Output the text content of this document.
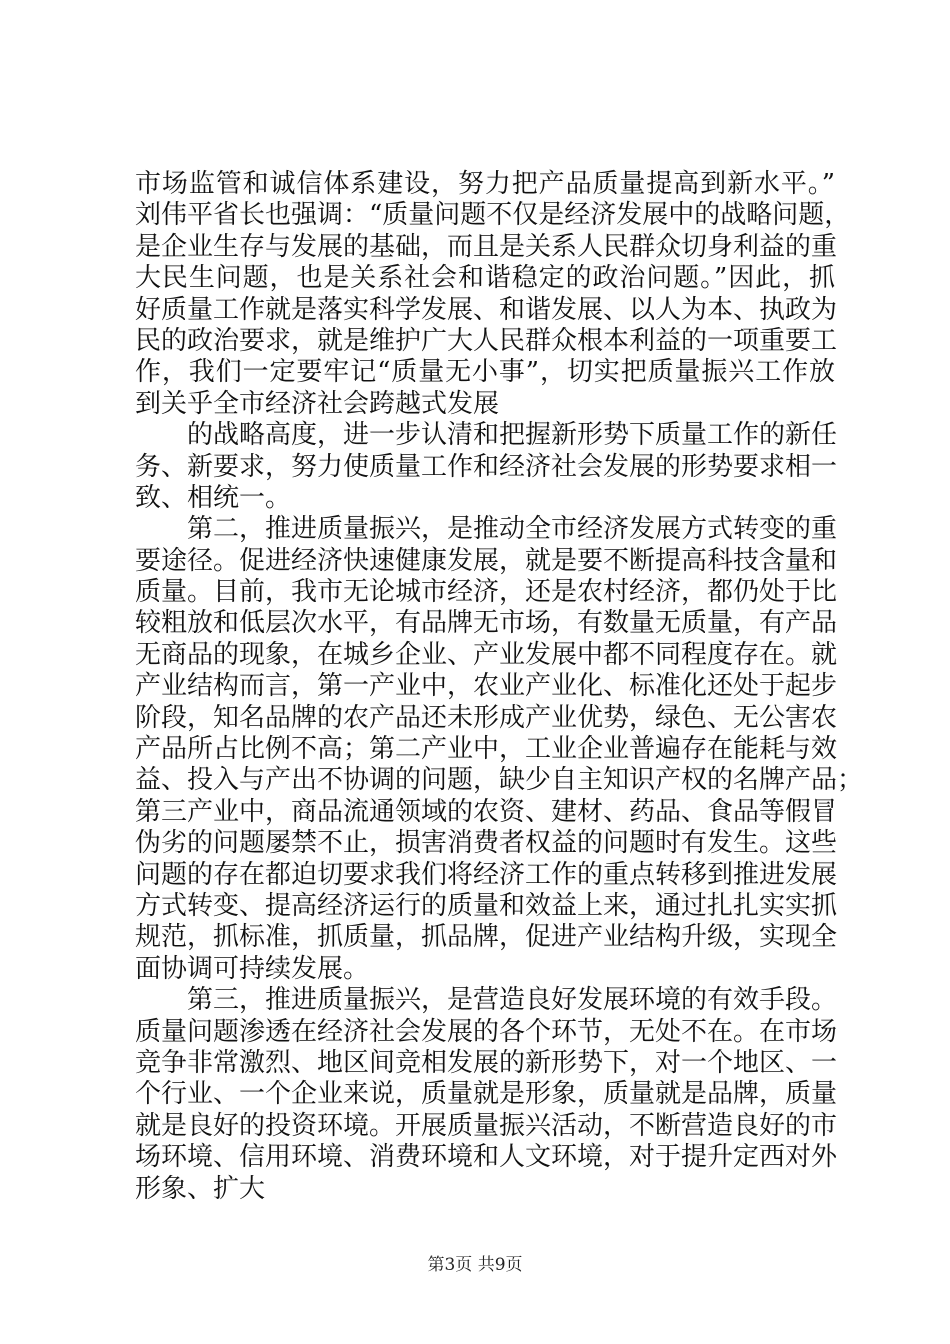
市场监管和诚信体系建设，努力把产品质量提高到新水平。”
刘伟平省长也强调：“质量问题不仅是经济发展中的战略问题，
是企业生存与发展的基础，而且是关系人民群众切身利益的重
大民生问题，也是关系社会和谐稳定的政治问题。”因此，抓
好质量工作就是落实科学发展、和谐发展、以人为本、执政为
民的政治要求，就是维护广大人民群众根本利益的一项重要工
作，我们一定要牢记“质量无小事”，切实把质量振兴工作放
到关乎全市经济社会跨越式发展
的战略高度，进一步认清和把握新形势下质量工作的新任
务、新要求，努力使质量工作和经济社会发展的形势要求相一
致、相统一。
第二，推进质量振兴，是推动全市经济发展方式转变的重
要途径。促进经济快速健康发展，就是要不断提高科技含量和
质量。目前，我市无论城市经济，还是农村经济，都仍处于比
较粗放和低层次水平，有品牌无市场，有数量无质量，有产品
无商品的现象，在城乡企业、产业发展中都不同程度存在。就
产业结构而言，第一产业中，农业产业化、标准化还处于起步
阶段，知名品牌的农产品还未形成产业优势，绿色、无公害农
产品所占比例不高；第二产业中，工业企业普遍存在能耗与效
益、投入与产出不协调的问题，缺少自主知识产权的名牌产品；
第三产业中，商品流通领域的农资、建材、药品、食品等假冒
伪劣的问题屡禁不止，损害消费者权益的问题时有发生。这些
问题的存在都迫切要求我们将经济工作的重点转移到推进发展
方式转变、提高经济运行的质量和效益上来，通过扎扎实实抓
规范，抓标准，抓质量，抓品牌，促进产业结构升级，实现全
面协调可持续发展。
第三，推进质量振兴，是营造良好发展环境的有效手段。
质量问题渗透在经济社会发展的各个环节，无处不在。在市场
竞争非常激烈、地区间竞相发展的新形势下，对一个地区、一
个行业、一个企业来说，质量就是形象，质量就是品牌，质量
就是良好的投资环境。开展质量振兴活动，不断营造良好的市
场环境、信用环境、消费环境和人文环境，对于提升定西对外
形象、扩大
第3页 共9页
